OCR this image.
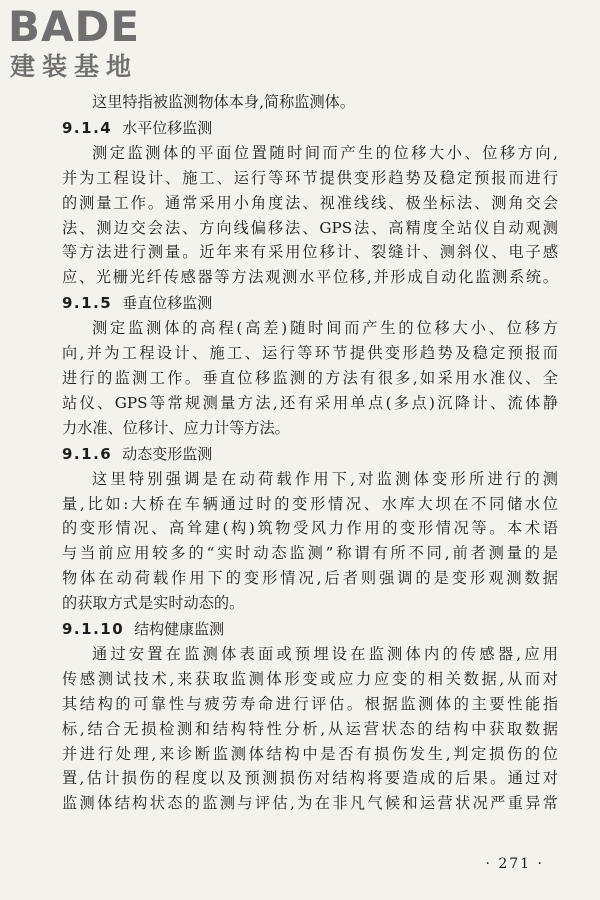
BADE
建装基地
这里特指被监测物体本身,简称监测体。
9.1.4 水平位移监测
测定监测体的平面位置随时间而产生的位移大小、位移方向,
并为工程设计、施工、运行等环节提供变形趋势及稳定预报而进行
的测量工作。通常采用小角度法、视准线线、极坐标法、测角交会
法、测边交会法、方向线偏移法、GPS法、高精度全站仪自动观测
等方法进行测量。近年来有采用位移计、裂缝计、测斜仪、电子感
应、光栅光纤传感器等方法观测水平位移,并形成自动化监测系统。
9.1.5 垂直位移监测
测定监测体的高程(高差)随时间而产生的位移大小、位移方
向,并为工程设计、施工、运行等环节提供变形趋势及稳定预报而
进行的监测工作。垂直位移监测的方法有很多,如采用水准仪、全
站仪、GPS等常规测量方法,还有采用单点(多点)沉降计、流体静
力水准、位移计、应力计等方法。
9.1.6 动态变形监测
这里特别强调是在动荷载作用下,对监测体变形所进行的测
量,比如:大桥在车辆通过时的变形情况、水库大坝在不同储水位
的变形情况、高耸建(构)筑物受风力作用的变形情况等。本术语
与当前应用较多的“实时动态监测”称谓有所不同,前者测量的是
物体在动荷载作用下的变形情况,后者则强调的是变形观测数据
的获取方式是实时动态的。
9.1.10 结构健康监测
通过安置在监测体表面或预埋设在监测体内的传感器,应用
传感测试技术,来获取监测体形变或应力应变的相关数据,从而对
其结构的可靠性与疲劳寿命进行评估。根据监测体的主要性能指
标,结合无损检测和结构特性分析,从运营状态的结构中获取数据
并进行处理,来诊断监测体结构中是否有损伤发生,判定损伤的位
置,估计损伤的程度以及预测损伤对结构将要造成的后果。通过对
监测体结构状态的监测与评估,为在非凡气候和运营状况严重异常
· 271 ·
